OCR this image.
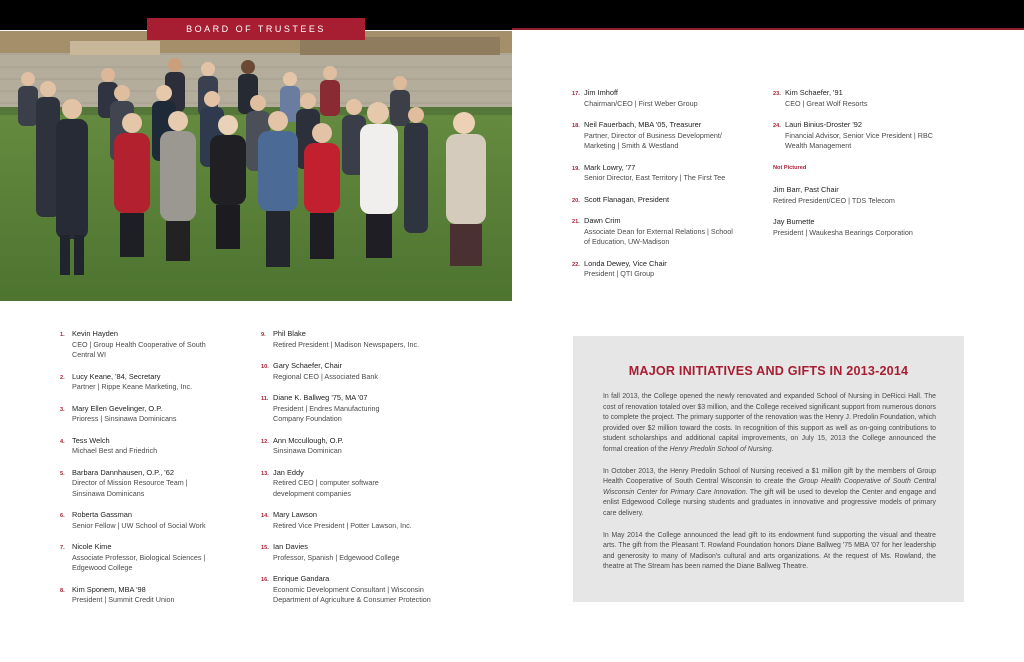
BOARD OF TRUSTEES
1. Kevin Hayden
CEO | Group Health Cooperative of South Central WI
2. Lucy Keane, '84, Secretary
Partner | Rippe Keane Marketing, Inc.
3. Mary Ellen Gevelinger, O.P.
Prioress | Sinsinawa Dominicans
4. Tess Welch
Michael Best and Friedrich
5. Barbara Dannhausen, O.P., '62
Director of Mission Resource Team | Sinsinawa Dominicans
6. Roberta Gassman
Senior Fellow | UW School of Social Work
7. Nicole Kime
Associate Professor, Biological Sciences | Edgewood College
8. Kim Sponem, MBA '98
President | Summit Credit Union
9. Phil Blake
Retired President | Madison Newspapers, Inc.
10. Gary Schaefer, Chair
Regional CEO | Associated Bank
11. Diane K. Ballweg '75, MA '07
President | Endres Manufacturing Company Foundation
12. Ann Mccullough, O.P.
Sinsinawa Dominican
13. Jan Eddy
Retired CEO | computer software development companies
14. Mary Lawson
Retired Vice President | Potter Lawson, Inc.
15. Ian Davies
Professor, Spanish | Edgewood College
16. Enrique Gandara
Economic Development Consultant | Wisconsin Department of Agriculture & Consumer Protection
17. Jim Imhoff
Chairman/CEO | First Weber Group
18. Neil Fauerbach, MBA '05, Treasurer
Partner, Director of Business Development/ Marketing | Smith & Westland
19. Mark Lowry, '77
Senior Director, East Territory | The First Tee
20. Scott Flanagan, President
21. Dawn Crim
Associate Dean for External Relations | School of Education, UW-Madison
22. Londa Dewey, Vice Chair
President | QTI Group
23. Kim Schaefer, '91
CEO | Great Wolf Resorts
24. Lauri Binius-Droster '92
Financial Advisor, Senior Vice President | RBC Wealth Management
Not Pictured
Jim Barr, Past Chair
Retired President/CEO | TDS Telecom
Jay Burnette
President | Waukesha Bearings Corporation
MAJOR INITIATIVES AND GIFTS IN 2013-2014

In fall 2013, the College opened the newly renovated and expanded School of Nursing in DeRicci Hall. The cost of renovation totaled over $3 million, and the College received significant support from numerous donors to complete the project. The primary supporter of the renovation was the Henry J. Predolin Foundation, which provided over $2 million toward the costs. In recognition of this support as well as on-going contributions to student scholarships and additional capital improvements, on July 15, 2013 the College announced the formal creation of the Henry Predolin School of Nursing.

In October 2013, the Henry Predolin School of Nursing received a $1 million gift by the members of Group Health Cooperative of South Central Wisconsin to create the Group Health Cooperative of South Central Wisconsin Center for Primary Care Innovation. The gift will be used to develop the Center and engage and enlist Edgewood College nursing students and graduates in innovative and progressive models of primary care delivery.

In May 2014 the College announced the lead gift to its endowment fund supporting the visual and theatre arts. The gift from the Pleasant T. Rowland Foundation honors Diane Ballweg '75 MBA '07 for her leadership and generosity to many of Madison's cultural and arts organizations. At the request of Ms. Rowland, the theatre at The Stream has been named the Diane Ballweg Theatre.
